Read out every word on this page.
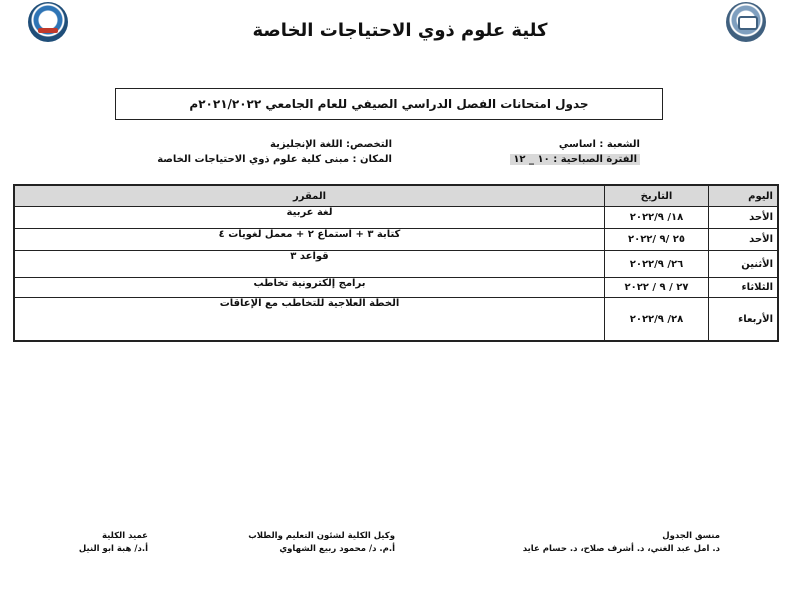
كلية علوم ذوي الاحتياجات الخاصة
جدول امتحانات الفصل الدراسي الصيفي للعام الجامعي ٢٠٢١/٢٠٢٢م
الشعبة : اساسي
الفترة الصباحية : ١٠ _ ١٢
التخصص: اللغة الإنجليزية
المكان : مبنى كلية علوم ذوي الاحتياجات الخاصة
اليوم	التاريخ	المقرر
الأحد	١٨/ ٢٠٢٢/٩	لغة عربية
الأحد	٢٥ /٩ /٢٠٢٢	كتابة ٣ + استماع ٢ + معمل لغويات ٤
الأثنين	٢٦/ ٢٠٢٢/٩	قواعد ٣
الثلاثاء	٢٧ / ٩ / ٢٠٢٢	برامج إلكترونية تخاطب
الأربعاء	٢٨/ ٢٠٢٢/٩	الخطة العلاجية للتخاطب مع الإعاقات
منسق الجدول
د. امل عبد الغني، د. أشرف صلاح، د. حسام عايد
وكيل الكلية لشئون التعليم والطلاب
أ.م. د/ محمود ربيع الشهاوي
عميد الكلية
أ.د/ هبة ابو النيل
